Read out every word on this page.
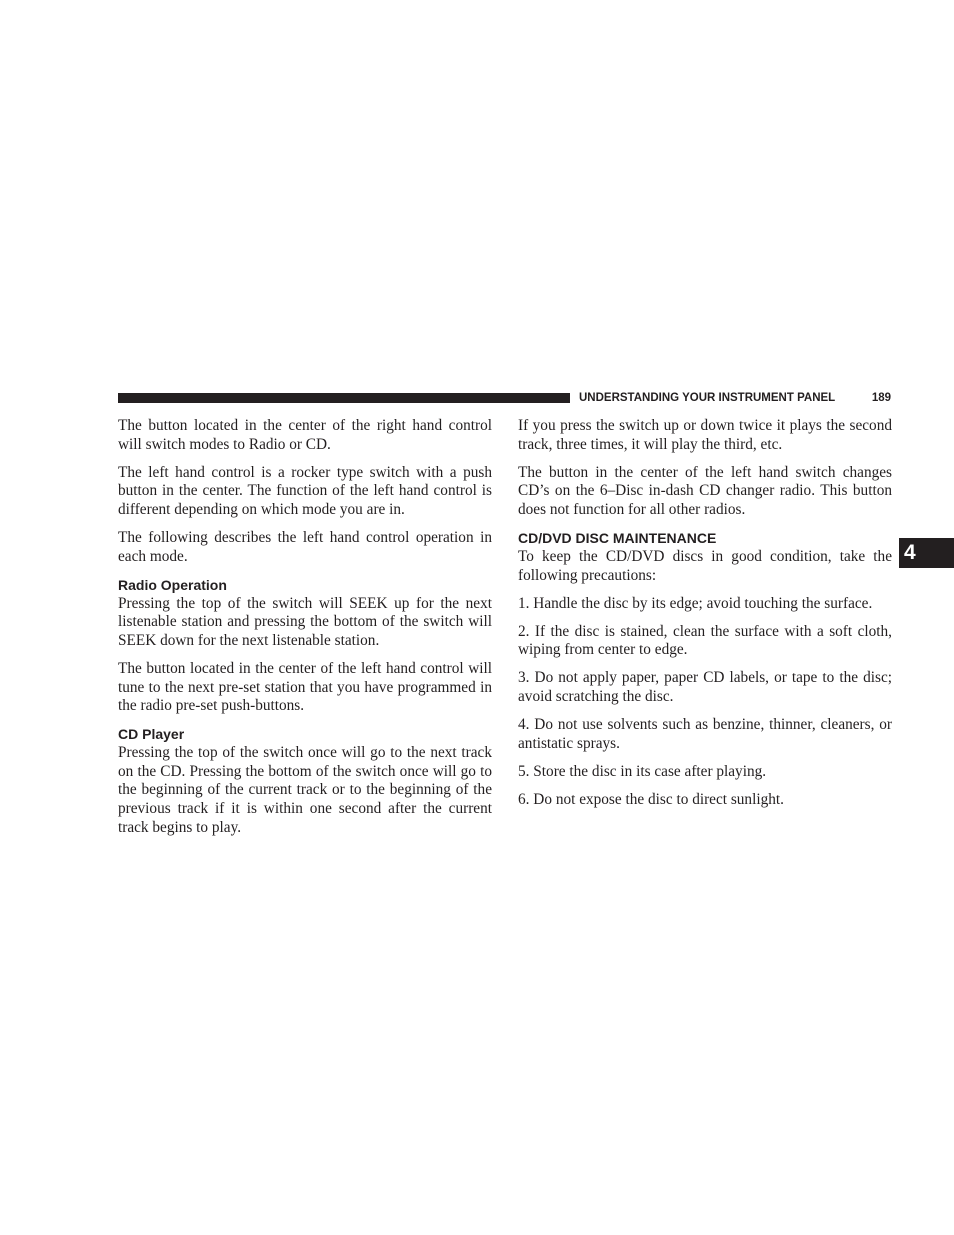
UNDERSTANDING YOUR INSTRUMENT PANEL	189
4

The button located in the center of the right hand control will switch modes to Radio or CD.

The left hand control is a rocker type switch with a push button in the center. The function of the left hand control is different depending on which mode you are in.

The following describes the left hand control operation in each mode.

Radio Operation

Pressing the top of the switch will SEEK up for the next listenable station and pressing the bottom of the switch will SEEK down for the next listenable station.

The button located in the center of the left hand control will tune to the next pre-set station that you have programmed in the radio pre-set push-buttons.

CD Player

Pressing the top of the switch once will go to the next track on the CD. Pressing the bottom of the switch once will go to the beginning of the current track or to the beginning of the previous track if it is within one second after the current track begins to play.

If you press the switch up or down twice it plays the second track, three times, it will play the third, etc.

The button in the center of the left hand switch changes CD’s on the 6–Disc in-dash CD changer radio. This button does not function for all other radios.

CD/DVD DISC MAINTENANCE

To keep the CD/DVD discs in good condition, take the following precautions:

1. Handle the disc by its edge; avoid touching the surface.

2. If the disc is stained, clean the surface with a soft cloth, wiping from center to edge.

3. Do not apply paper, paper CD labels, or tape to the disc; avoid scratching the disc.

4. Do not use solvents such as benzine, thinner, cleaners, or antistatic sprays.

5. Store the disc in its case after playing.

6. Do not expose the disc to direct sunlight.
